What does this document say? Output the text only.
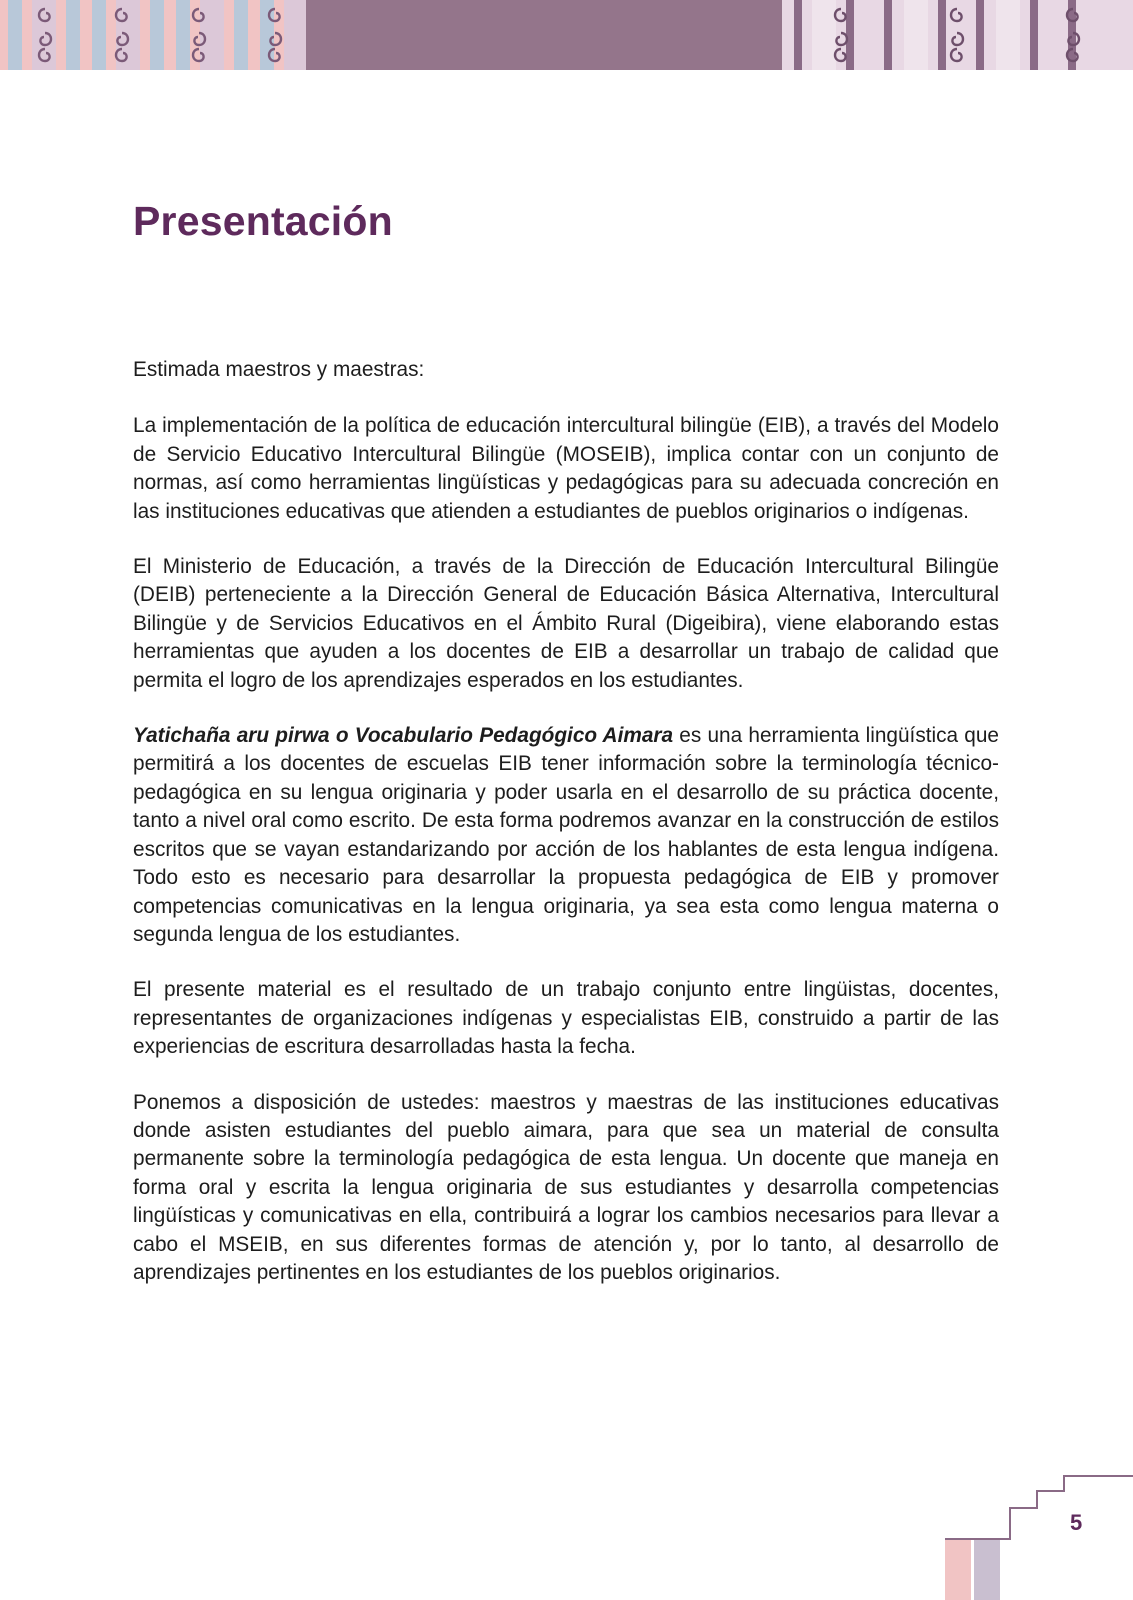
Presentación

Estimada maestros y maestras:

La implementación de la política de educación intercultural bilingüe (EIB), a través del Modelo de Servicio Educativo Intercultural Bilingüe (MOSEIB), implica contar con un conjunto de normas, así como herramientas lingüísticas y pedagógicas para su adecuada concreción en las instituciones educativas que atienden a estudiantes de pueblos originarios o indígenas.

El Ministerio de Educación, a través de la Dirección de Educación Intercultural Bilingüe (DEIB) perteneciente a la Dirección General de Educación Básica Alternativa, Intercultural Bilingüe y de Servicios Educativos en el Ámbito Rural (Digeibira), viene elaborando estas herramientas que ayuden a los docentes de EIB a desarrollar un trabajo de calidad que permita el logro de los aprendizajes esperados en los estudiantes.

Yatichaña aru pirwa o Vocabulario Pedagógico Aimara es una herramienta lingüística que permitirá a los docentes de escuelas EIB tener información sobre la terminología técnico-pedagógica en su lengua originaria y poder usarla en el desarrollo de su práctica docente, tanto a nivel oral como escrito. De esta forma podremos avanzar en la construcción de estilos escritos que se vayan estandarizando por acción de los hablantes de esta lengua indígena. Todo esto es necesario para desarrollar la propuesta pedagógica de EIB y promover competencias comunicativas en la lengua originaria, ya sea esta como lengua materna o segunda lengua de los estudiantes.

El presente material es el resultado de un trabajo conjunto entre lingüistas, docentes, representantes de organizaciones indígenas y especialistas EIB, construido a partir de las experiencias de escritura desarrolladas hasta la fecha.

Ponemos a disposición de ustedes: maestros y maestras de las instituciones educativas donde asisten estudiantes del pueblo aimara, para que sea un material de consulta permanente sobre la terminología pedagógica de esta lengua. Un docente que maneja en forma oral y escrita la lengua originaria de sus estudiantes y desarrolla competencias lingüísticas y comunicativas en ella, contribuirá a lograr los cambios necesarios para llevar a cabo el MSEIB, en sus diferentes formas de atención y, por lo tanto, al desarrollo de aprendizajes pertinentes en los estudiantes de los pueblos originarios.

5
